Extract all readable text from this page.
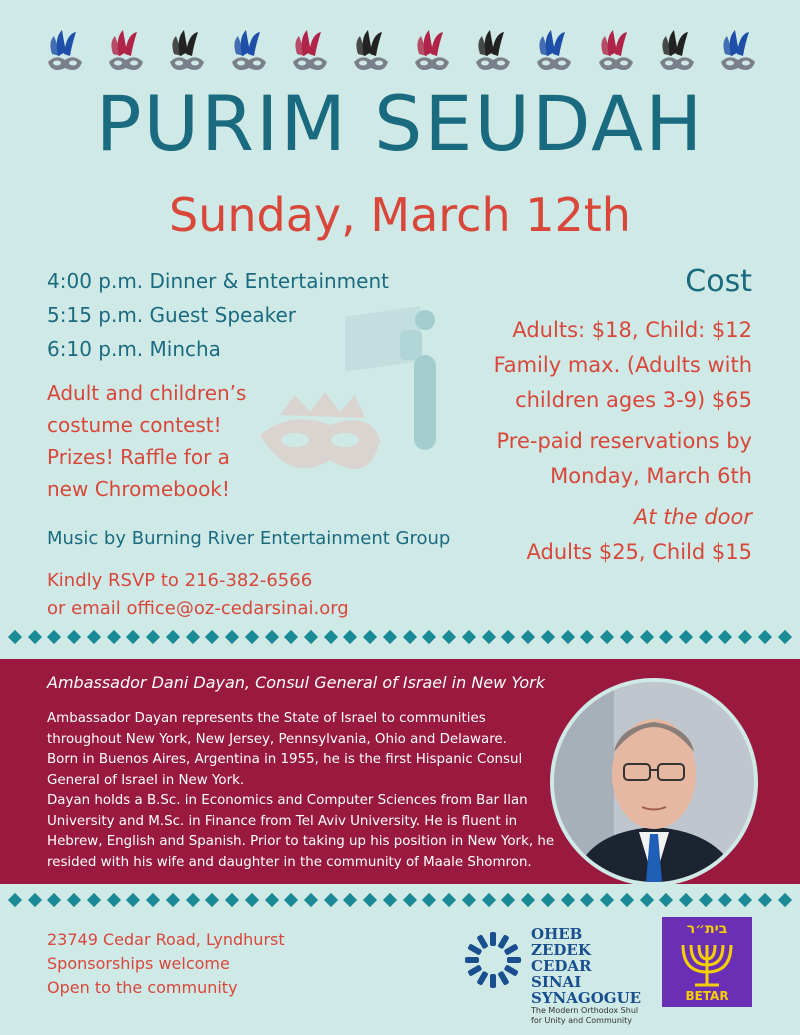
PURIM SEUDAH
Sunday, March 12th
4:00 p.m. Dinner & Entertainment
5:15 p.m. Guest Speaker
6:10 p.m. Mincha
Adult and children’s
costume contest!
Prizes! Raffle for a
new Chromebook!
Music by Burning River Entertainment Group
Kindly RSVP to 216-382-6566
or email office@oz-cedarsinai.org
Cost
Adults: $18, Child: $12
Family max. (Adults with
children ages 3-9) $65
Pre-paid reservations by
Monday, March 6th
At the door
Adults $25, Child $15
Ambassador Dani Dayan, Consul General of Israel in New York
Ambassador Dayan represents the State of Israel to communities throughout New York, New Jersey, Pennsylvania, Ohio and Delaware. Born in Buenos Aires, Argentina in 1955, he is the first Hispanic Consul General of Israel in New York.
Dayan holds a B.Sc. in Economics and Computer Sciences from Bar Ilan University and M.Sc. in Finance from Tel Aviv University. He is fluent in Hebrew, English and Spanish. Prior to taking up his position in New York, he resided with his wife and daughter in the community of Maale Shomron.
23749 Cedar Road, Lyndhurst
Sponsorships welcome
Open to the community
OHEB ZEDEK
CEDAR SINAI
SYNAGOGUE
The Modern Orthodox Shul
for Unity and Community
בית״ר
BETAR
